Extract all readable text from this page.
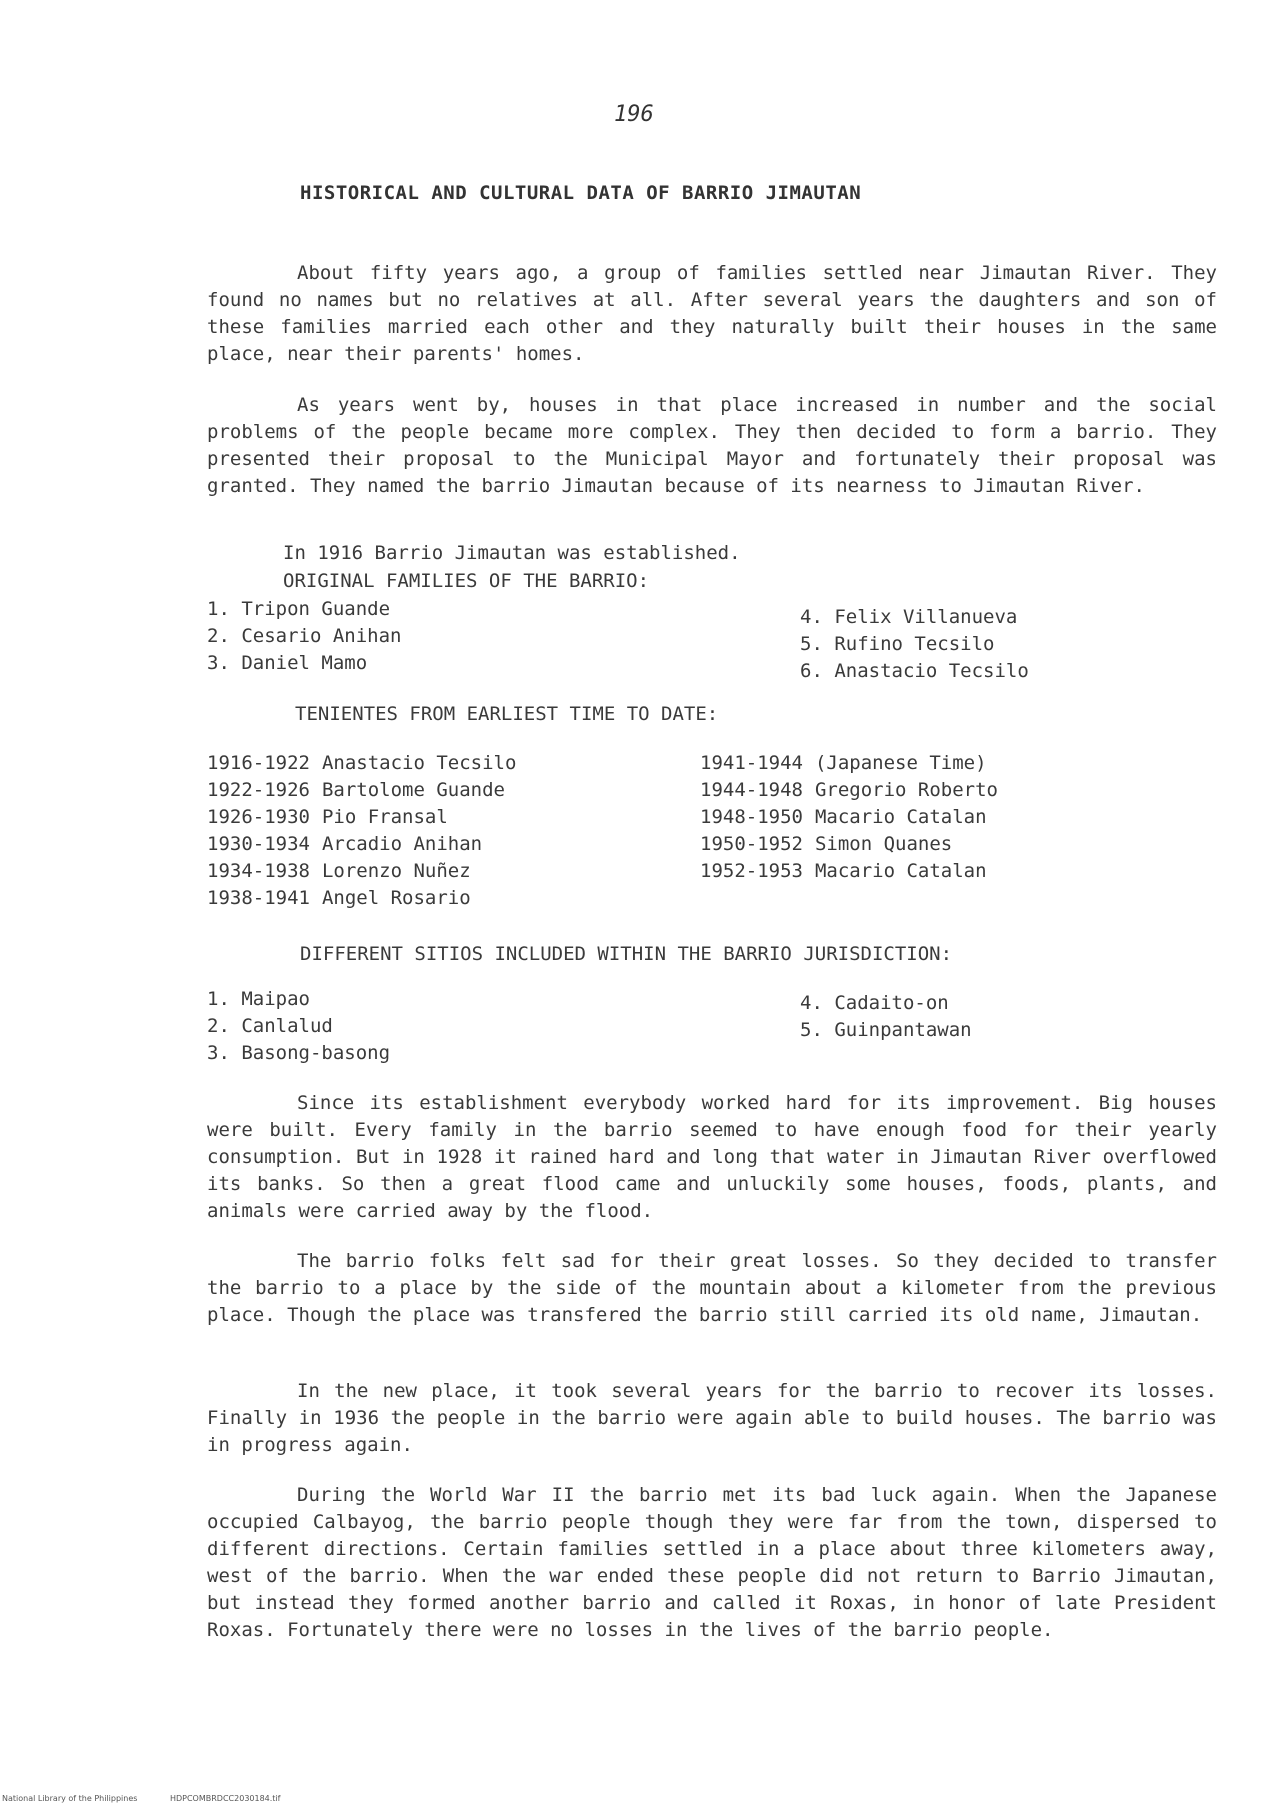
196
HISTORICAL AND CULTURAL DATA OF BARRIO JIMAUTAN

About fifty years ago, a group of families settled near Jimautan River. They found no names but no relatives at all. After several years the daughters and son of these families married each other and they naturally built their houses in the same place, near their parents' homes.

As years went by, houses in that place increased in number and the social problems of the people became more complex. They then decided to form a barrio. They presented their proposal to the Municipal Mayor and fortunately their proposal was granted. They named the barrio Jimautan because of its nearness to Jimautan River.

In 1916 Barrio Jimautan was established.
ORIGINAL FAMILIES OF THE BARRIO:
1. Tripon Guande
2. Cesario Anihan
3. Daniel Mamo
4. Felix Villanueva
5. Rufino Tecsilo
6. Anastacio Tecsilo
TENIENTES FROM EARLIEST TIME TO DATE:
1916-1922	Anastacio Tecsilo
1922-1926	Bartolome Guande
1926-1930	Pio Fransal
1930-1934	Arcadio Anihan
1934-1938	Lorenzo Nuñez
1938-1941	Angel Rosario
1941-1944	(Japanese Time)
1944-1948	Gregorio Roberto
1948-1950	Macario Catalan
1950-1952	Simon Quanes
1952-1953	Macario Catalan
DIFFERENT SITIOS INCLUDED WITHIN THE BARRIO JURISDICTION:
1. Maipao
2. Canlalud
3. Basong-basong
4. Cadaito-on
5. Guinpantawan

Since its establishment everybody worked hard for its improvement. Big houses were built. Every family in the barrio seemed to have enough food for their yearly consumption. But in 1928 it rained hard and long that water in Jimautan River overflowed its banks. So then a great flood came and unluckily some houses, foods, plants, and animals were carried away by the flood.

The barrio folks felt sad for their great losses. So they decided to transfer the barrio to a place by the side of the mountain about a kilometer from the previous place. Though the place was transfered the barrio still carried its old name, Jimautan.

In the new place, it took several years for the barrio to recover its losses. Finally in 1936 the people in the barrio were again able to build houses. The barrio was in progress again.

During the World War II the barrio met its bad luck again. When the Japanese occupied Calbayog, the barrio people though they were far from the town, dispersed to different directions. Certain families settled in a place about three kilometers away, west of the barrio. When the war ended these people did not return to Barrio Jimautan, but instead they formed another barrio and called it Roxas, in honor of late President Roxas. Fortunately there were no losses in the lives of the barrio people.

National Library of the Philippines	HDPCOMBRDCC2030184.tif
